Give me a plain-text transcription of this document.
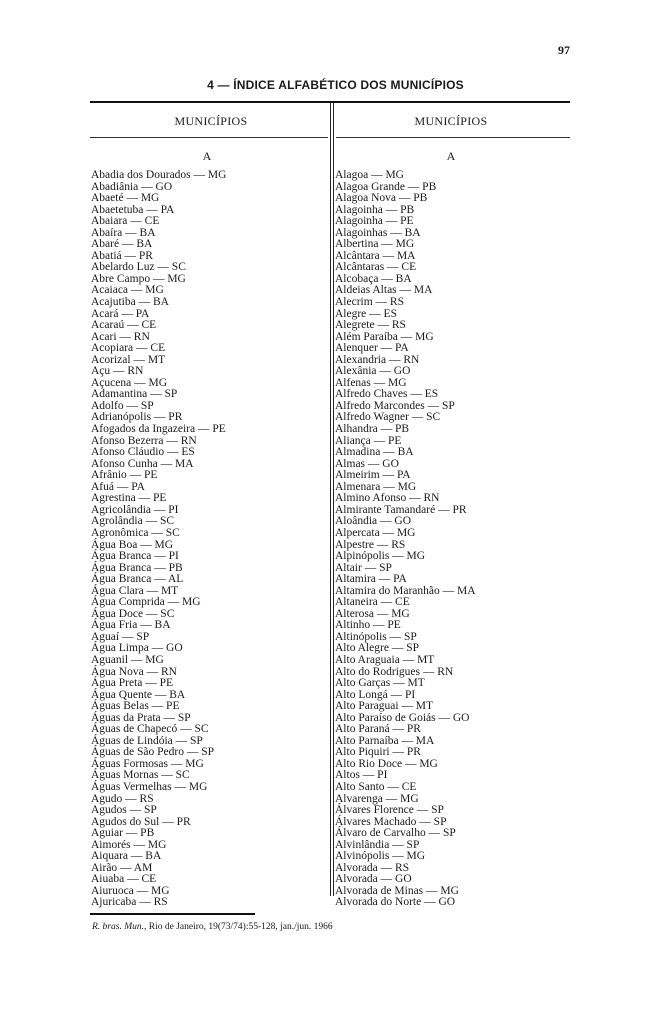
97
4 — ÍNDICE ALFABÉTICO DOS MUNICÍPIOS
MUNICÍPIOS	MUNICÍPIOS
A	A
Abadia dos Dourados — MG
Abadiânia — GO
Abaeté — MG
Abaetetuba — PA
Abaiara — CE
Abaíra — BA
Abaré — BA
Abatiá — PR
Abelardo Luz — SC
Abre Campo — MG
Acaiaca — MG
Acajutiba — BA
Acará — PA
Acaraú — CE
Acari — RN
Acopiara — CE
Acorizal — MT
Açu — RN
Açucena — MG
Adamantina — SP
Adolfo — SP
Adrianópolis — PR
Afogados da Ingazeira — PE
Afonso Bezerra — RN
Afonso Cláudio — ES
Afonso Cunha — MA
Afrânio — PE
Afuá — PA
Agrestina — PE
Agricolândia — PI
Agrolândia — SC
Agronômica — SC
Água Boa — MG
Água Branca — PI
Água Branca — PB
Água Branca — AL
Água Clara — MT
Água Comprida — MG
Água Doce — SC
Água Fria — BA
Aguaí — SP
Água Limpa — GO
Aguanil — MG
Água Nova — RN
Água Preta — PE
Água Quente — BA
Águas Belas — PE
Águas da Prata — SP
Águas de Chapecó — SC
Águas de Lindóia — SP
Águas de São Pedro — SP
Águas Formosas — MG
Águas Mornas — SC
Águas Vermelhas — MG
Agudo — RS
Agudos — SP
Agudos do Sul — PR
Aguiar — PB
Aimorés — MG
Aiquara — BA
Airão — AM
Aiuaba — CE
Aiuruoca — MG
Ajuricaba — RS
Alagoa — MG
Alagoa Grande — PB
Alagoa Nova — PB
Alagoinha — PB
Alagoinha — PE
Alagoinhas — BA
Albertina — MG
Alcântara — MA
Alcântaras — CE
Alcobaça — BA
Aldeias Altas — MA
Alecrim — RS
Alegre — ES
Alegrete — RS
Além Paraíba — MG
Alenquer — PA
Alexandria — RN
Alexânia — GO
Alfenas — MG
Alfredo Chaves — ES
Alfredo Marcondes — SP
Alfredo Wagner — SC
Alhandra — PB
Aliança — PE
Almadina — BA
Almas — GO
Almeirim — PA
Almenara — MG
Almino Afonso — RN
Almirante Tamandaré — PR
Aloândia — GO
Alpercata — MG
Alpestre — RS
Alpinópolis — MG
Altair — SP
Altamira — PA
Altamira do Maranhão — MA
Altaneira — CE
Alterosa — MG
Altinho — PE
Altinópolis — SP
Alto Alegre — SP
Alto Araguaia — MT
Alto do Rodrigues — RN
Alto Garças — MT
Alto Longá — PI
Alto Paraguai — MT
Alto Paraíso de Goiás — GO
Alto Paraná — PR
Alto Parnaíba — MA
Alto Piquiri — PR
Alto Rio Doce — MG
Altos — PI
Alto Santo — CE
Alvarenga — MG
Álvares Florence — SP
Álvares Machado — SP
Álvaro de Carvalho — SP
Alvinlândia — SP
Alvinópolis — MG
Alvorada — RS
Alvorada — GO
Alvorada de Minas — MG
Alvorada do Norte — GO
R. bras. Mun., Rio de Janeiro, 19(73/74):55-128, jan./jun. 1966
